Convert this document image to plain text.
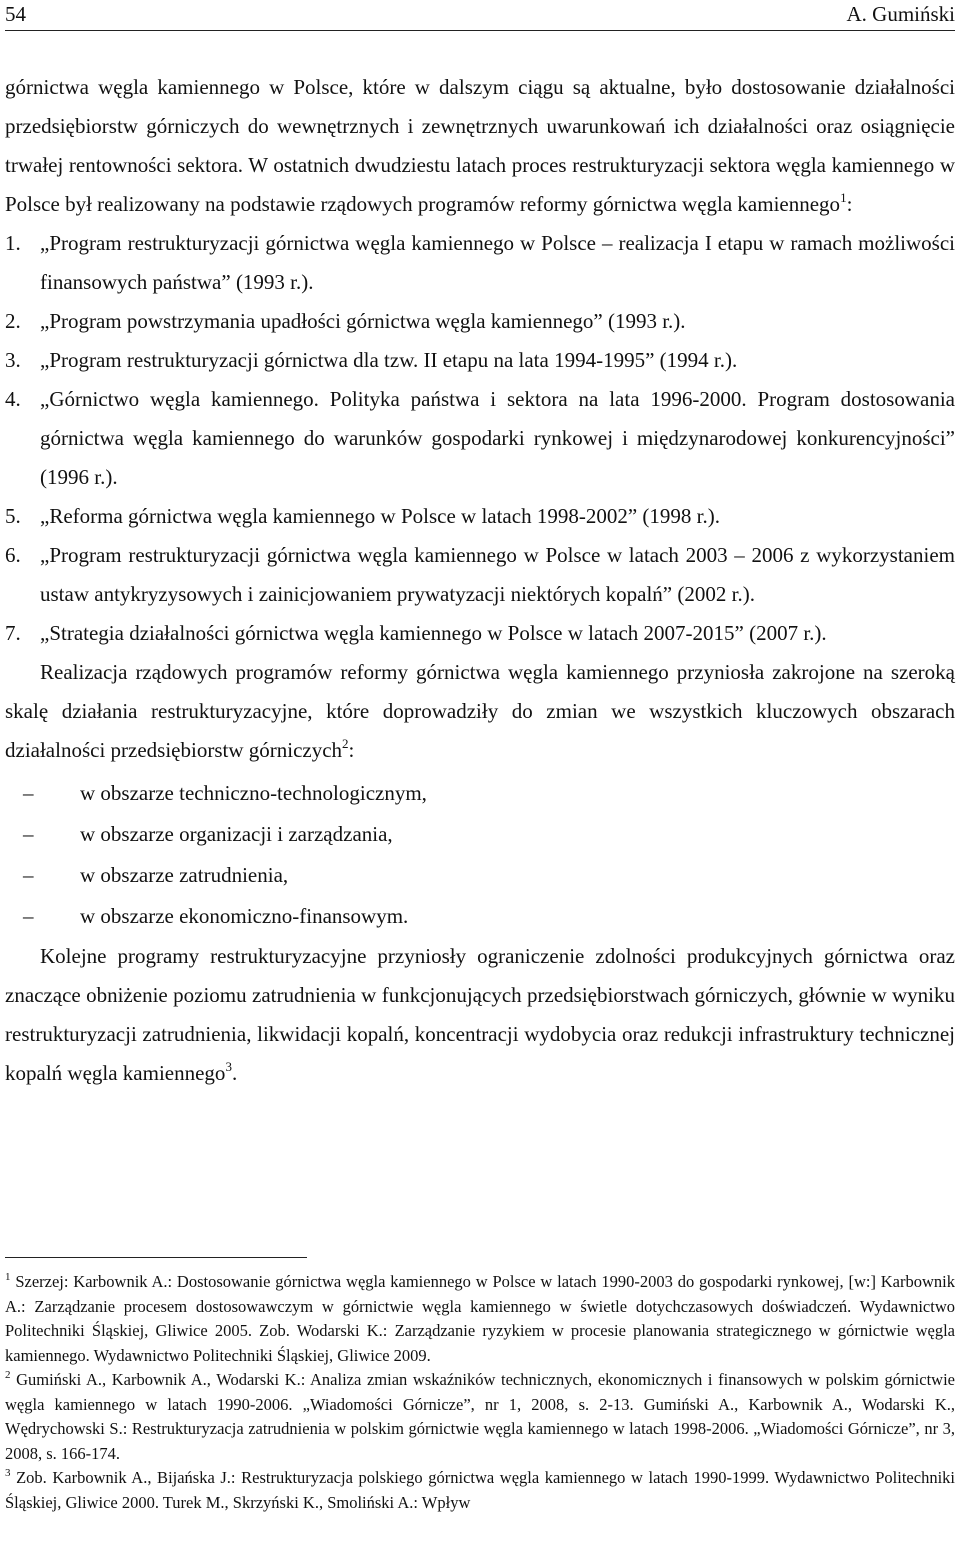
54	A. Gumiński

górnictwa węgla kamiennego w Polsce, które w dalszym ciągu są aktualne, było dostosowanie działalności przedsiębiorstw górniczych do wewnętrznych i zewnętrznych uwarunkowań ich działalności oraz osiągnięcie trwałej rentowności sektora. W ostatnich dwudziestu latach proces restrukturyzacji sektora węgla kamiennego w Polsce był realizowany na podstawie rządowych programów reformy górnictwa węgla kamiennego$^1$:

1. „Program restrukturyzacji górnictwa węgla kamiennego w Polsce – realizacja I etapu w ramach możliwości finansowych państwa” (1993 r.).
2. „Program powstrzymania upadłości górnictwa węgla kamiennego” (1993 r.).
3. „Program restrukturyzacji górnictwa dla tzw. II etapu na lata 1994-1995” (1994 r.).
4. „Górnictwo węgla kamiennego. Polityka państwa i sektora na lata 1996-2000. Program dostosowania górnictwa węgla kamiennego do warunków gospodarki rynkowej i międzynarodowej konkurencyjności” (1996 r.).
5. „Reforma górnictwa węgla kamiennego w Polsce w latach 1998-2002” (1998 r.).
6. „Program restrukturyzacji górnictwa węgla kamiennego w Polsce w latach 2003 – 2006 z wykorzystaniem ustaw antykryzysowych i zainicjowaniem prywatyzacji niektórych kopalń” (2002 r.).
7. „Strategia działalności górnictwa węgla kamiennego w Polsce w latach 2007-2015” (2007 r.).

Realizacja rządowych programów reformy górnictwa węgla kamiennego przyniosła zakrojone na szeroką skalę działania restrukturyzacyjne, które doprowadziły do zmian we wszystkich kluczowych obszarach działalności przedsiębiorstw górniczych$^2$:

– w obszarze techniczno-technologicznym,
– w obszarze organizacji i zarządzania,
– w obszarze zatrudnienia,
– w obszarze ekonomiczno-finansowym.

Kolejne programy restrukturyzacyjne przyniosły ograniczenie zdolności produkcyjnych górnictwa oraz znaczące obniżenie poziomu zatrudnienia w funkcjonujących przedsiębiorstwach górniczych, głównie w wyniku restrukturyzacji zatrudnienia, likwidacji kopalń, koncentracji wydobycia oraz redukcji infrastruktury technicznej kopalń węgla kamiennego$^3$.

$^1$ Szerzej: Karbownik A.: Dostosowanie górnictwa węgla kamiennego w Polsce w latach 1990-2003 do gospodarki rynkowej, [w:] Karbownik A.: Zarządzanie procesem dostosowawczym w górnictwie węgla kamiennego w świetle dotychczasowych doświadczeń. Wydawnictwo Politechniki Śląskiej, Gliwice 2005. Zob. Wodarski K.: Zarządzanie ryzykiem w procesie planowania strategicznego w górnictwie węgla kamiennego. Wydawnictwo Politechniki Śląskiej, Gliwice 2009.

$^2$ Gumiński A., Karbownik A., Wodarski K.: Analiza zmian wskaźników technicznych, ekonomicznych i finansowych w polskim górnictwie węgla kamiennego w latach 1990-2006. „Wiadomości Górnicze”, nr 1, 2008, s. 2-13. Gumiński A., Karbownik A., Wodarski K., Wędrychowski S.: Restrukturyzacja zatrudnienia w polskim górnictwie węgla kamiennego w latach 1998-2006. „Wiadomości Górnicze”, nr 3, 2008, s. 166-174.

$^3$ Zob. Karbownik A., Bijańska J.: Restrukturyzacja polskiego górnictwa węgla kamiennego w latach 1990-1999. Wydawnictwo Politechniki Śląskiej, Gliwice 2000. Turek M., Skrzyński K., Smoliński A.: Wpływ
